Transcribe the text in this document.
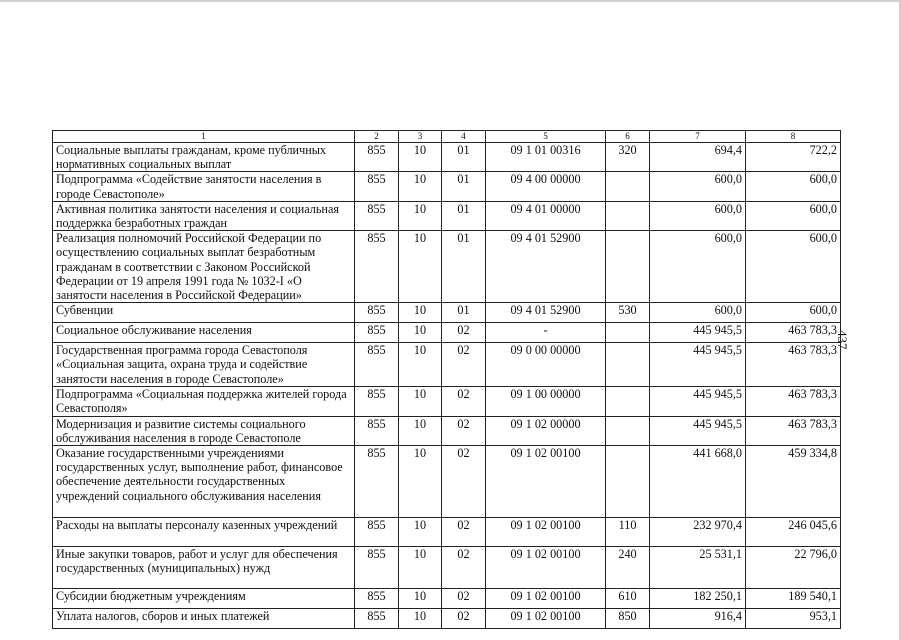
437
1	2	3	4	5	6	7	8
Социальные выплаты гражданам, кроме публичных нормативных социальных выплат	855	10	01	09 1 01 00316	320	694,4	722,2
Подпрограмма «Содействие занятости населения в городе Севастополе»	855	10	01	09 4 00 00000		600,0	600,0
Активная политика занятости населения и социальная поддержка безработных граждан	855	10	01	09 4 01 00000		600,0	600,0
Реализация полномочий Российской Федерации по осуществлению социальных выплат безработным гражданам в соответствии с Законом Российской Федерации от 19 апреля 1991 года № 1032-I «О занятости населения в Российской Федерации»	855	10	01	09 4 01 52900		600,0	600,0
Субвенции	855	10	01	09 4 01 52900	530	600,0	600,0
Социальное обслуживание населения	855	10	02	-		445 945,5	463 783,3
Государственная программа города Севастополя «Социальная защита, охрана труда и содействие занятости населения в городе Севастополе»	855	10	02	09 0 00 00000		445 945,5	463 783,3
Подпрограмма «Социальная поддержка жителей города Севастополя»	855	10	02	09 1 00 00000		445 945,5	463 783,3
Модернизация и развитие системы социального обслуживания населения в городе Севастополе	855	10	02	09 1 02 00000		445 945,5	463 783,3
Оказание государственными учреждениями государственных услуг, выполнение работ, финансовое обеспечение деятельности государственных учреждений социального обслуживания населения	855	10	02	09 1 02 00100		441 668,0	459 334,8
Расходы на выплаты персоналу казенных учреждений	855	10	02	09 1 02 00100	110	232 970,4	246 045,6
Иные закупки товаров, работ и услуг для обеспечения государственных (муниципальных) нужд	855	10	02	09 1 02 00100	240	25 531,1	22 796,0
Субсидии бюджетным учреждениям	855	10	02	09 1 02 00100	610	182 250,1	189 540,1
Уплата налогов, сборов и иных платежей	855	10	02	09 1 02 00100	850	916,4	953,1
